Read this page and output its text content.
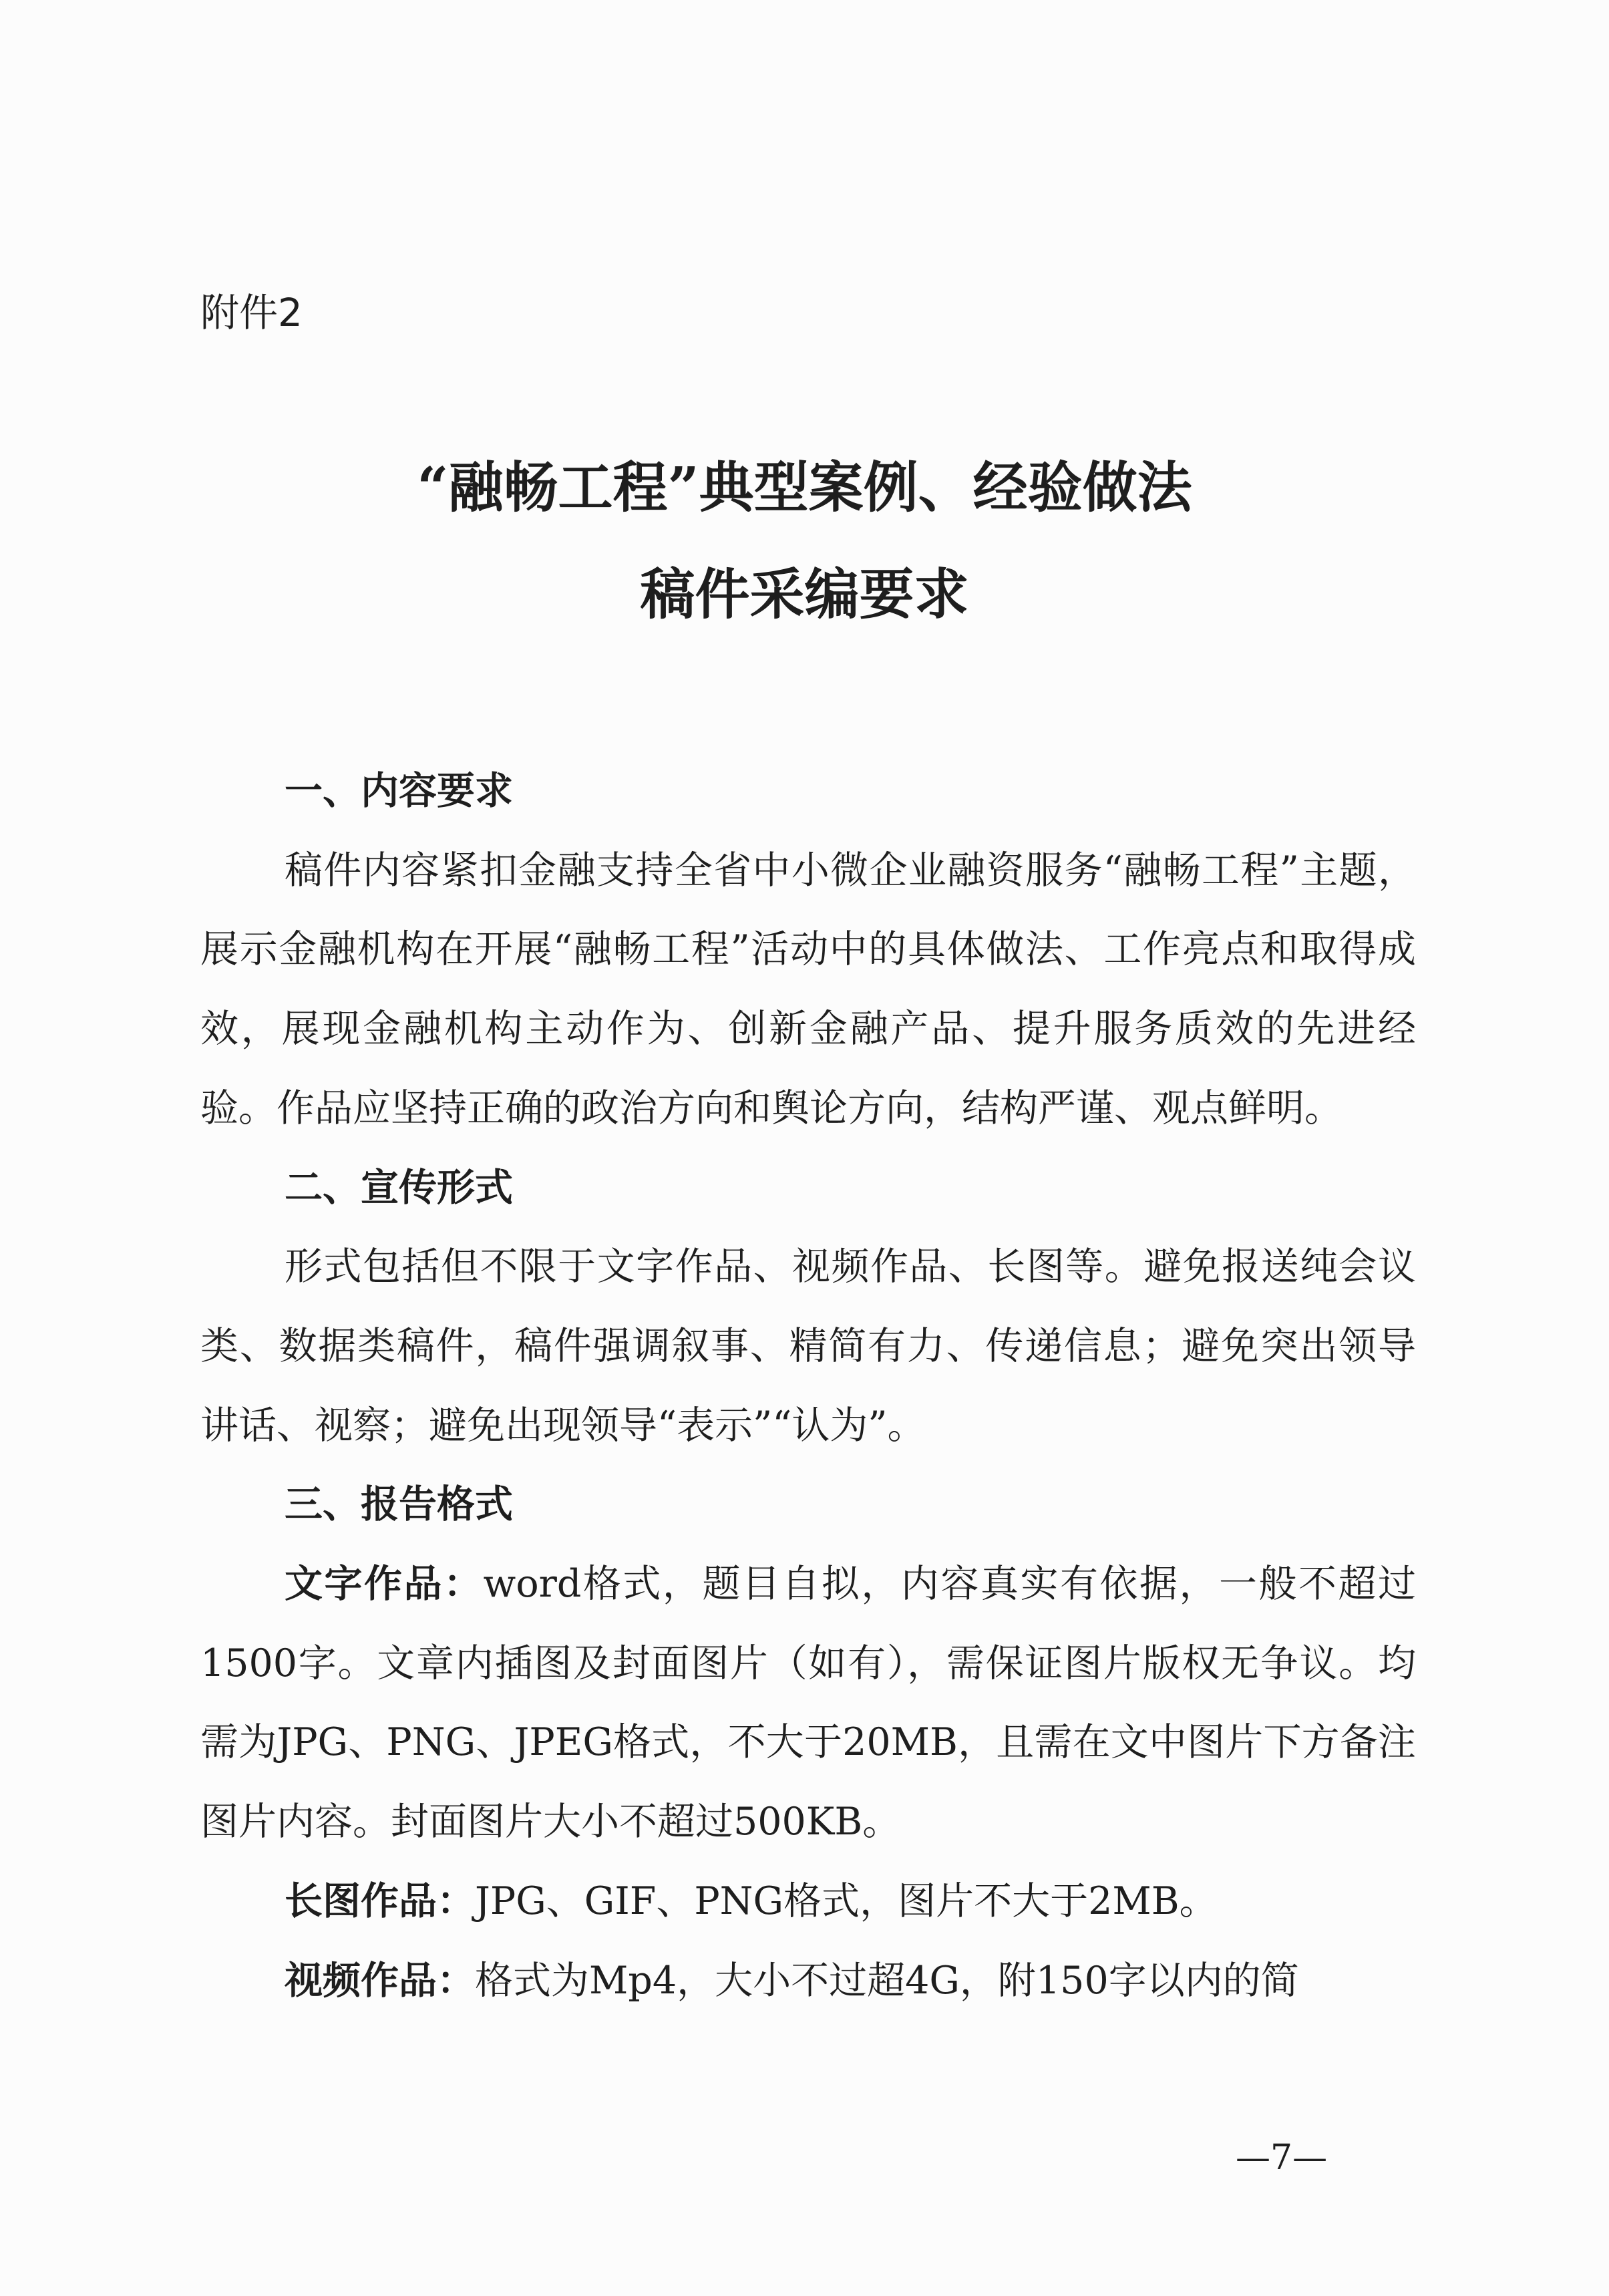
附件2
“融畅工程”典型案例、经验做法
稿件采编要求

一、内容要求

稿件内容紧扣金融支持全省中小微企业融资服务“融畅工程”主题，展示金融机构在开展“融畅工程”活动中的具体做法、工作亮点和取得成效，展现金融机构主动作为、创新金融产品、提升服务质效的先进经验。作品应坚持正确的政治方向和舆论方向，结构严谨、观点鲜明。

二、宣传形式

形式包括但不限于文字作品、视频作品、长图等。避免报送纯会议类、数据类稿件，稿件强调叙事、精简有力、传递信息；避免突出领导讲话、视察；避免出现领导“表示”“认为”。

三、报告格式

文字作品：word格式，题目自拟，内容真实有依据，一般不超过1500字。文章内插图及封面图片（如有），需保证图片版权无争议。均需为JPG、PNG、JPEG格式，不大于20MB，且需在文中图片下方备注图片内容。封面图片大小不超过500KB。

长图作品：JPG、GIF、PNG格式，图片不大于2MB。

视频作品：格式为Mp4，大小不过超4G，附150字以内的简

—7—
